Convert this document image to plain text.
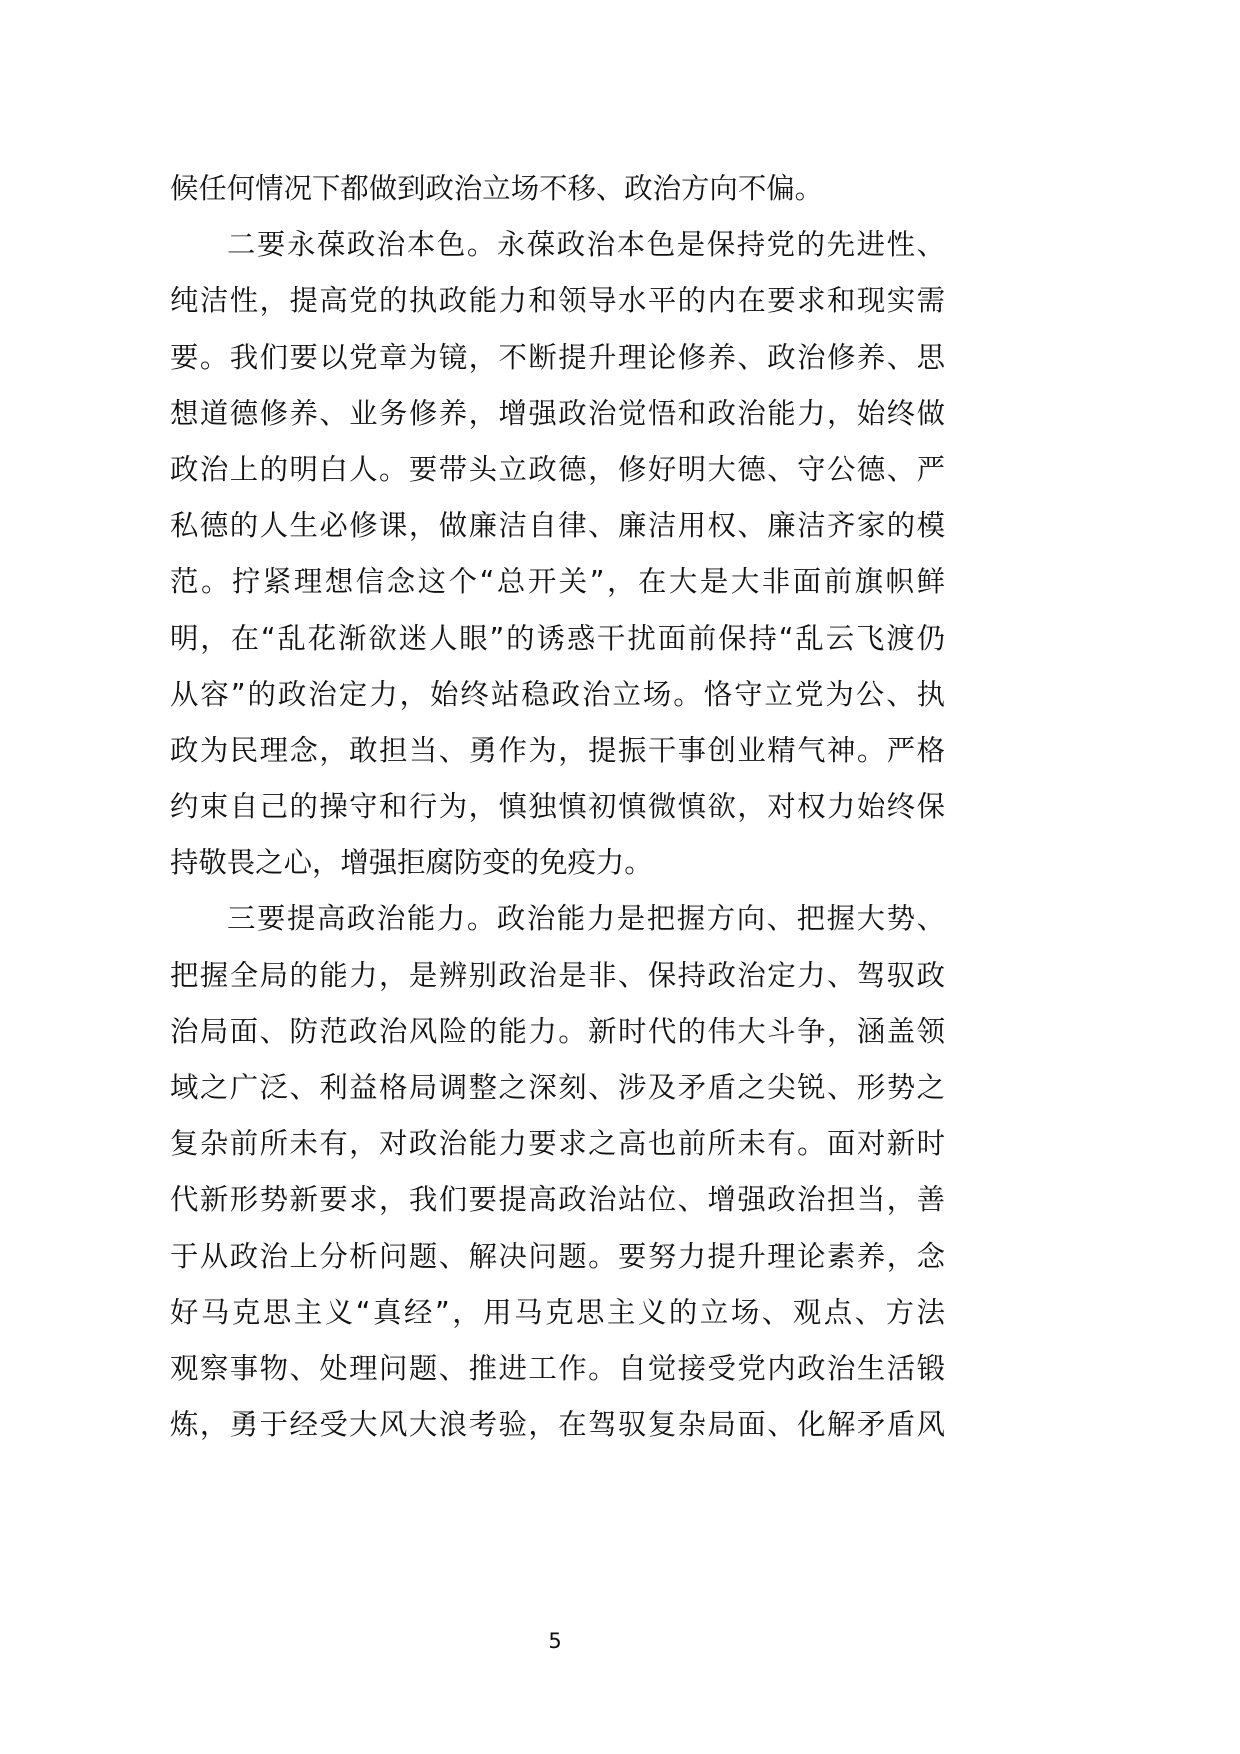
候任何情况下都做到政治立场不移、政治方向不偏。
二要永葆政治本色。永葆政治本色是保持党的先进性、
纯洁性，提高党的执政能力和领导水平的内在要求和现实需
要。我们要以党章为镜，不断提升理论修养、政治修养、思
想道德修养、业务修养，增强政治觉悟和政治能力，始终做
政治上的明白人。要带头立政德，修好明大德、守公德、严
私德的人生必修课，做廉洁自律、廉洁用权、廉洁齐家的模
范。拧紧理想信念这个“总开关”，在大是大非面前旗帜鲜
明，在“乱花渐欲迷人眼”的诱惑干扰面前保持“乱云飞渡仍
从容”的政治定力，始终站稳政治立场。恪守立党为公、执
政为民理念，敢担当、勇作为，提振干事创业精气神。严格
约束自己的操守和行为，慎独慎初慎微慎欲，对权力始终保
持敬畏之心，增强拒腐防变的免疫力。
三要提高政治能力。政治能力是把握方向、把握大势、
把握全局的能力，是辨别政治是非、保持政治定力、驾驭政
治局面、防范政治风险的能力。新时代的伟大斗争，涵盖领
域之广泛、利益格局调整之深刻、涉及矛盾之尖锐、形势之
复杂前所未有，对政治能力要求之高也前所未有。面对新时
代新形势新要求，我们要提高政治站位、增强政治担当，善
于从政治上分析问题、解决问题。要努力提升理论素养，念
好马克思主义“真经”，用马克思主义的立场、观点、方法
观察事物、处理问题、推进工作。自觉接受党内政治生活锻
炼，勇于经受大风大浪考验，在驾驭复杂局面、化解矛盾风
5
